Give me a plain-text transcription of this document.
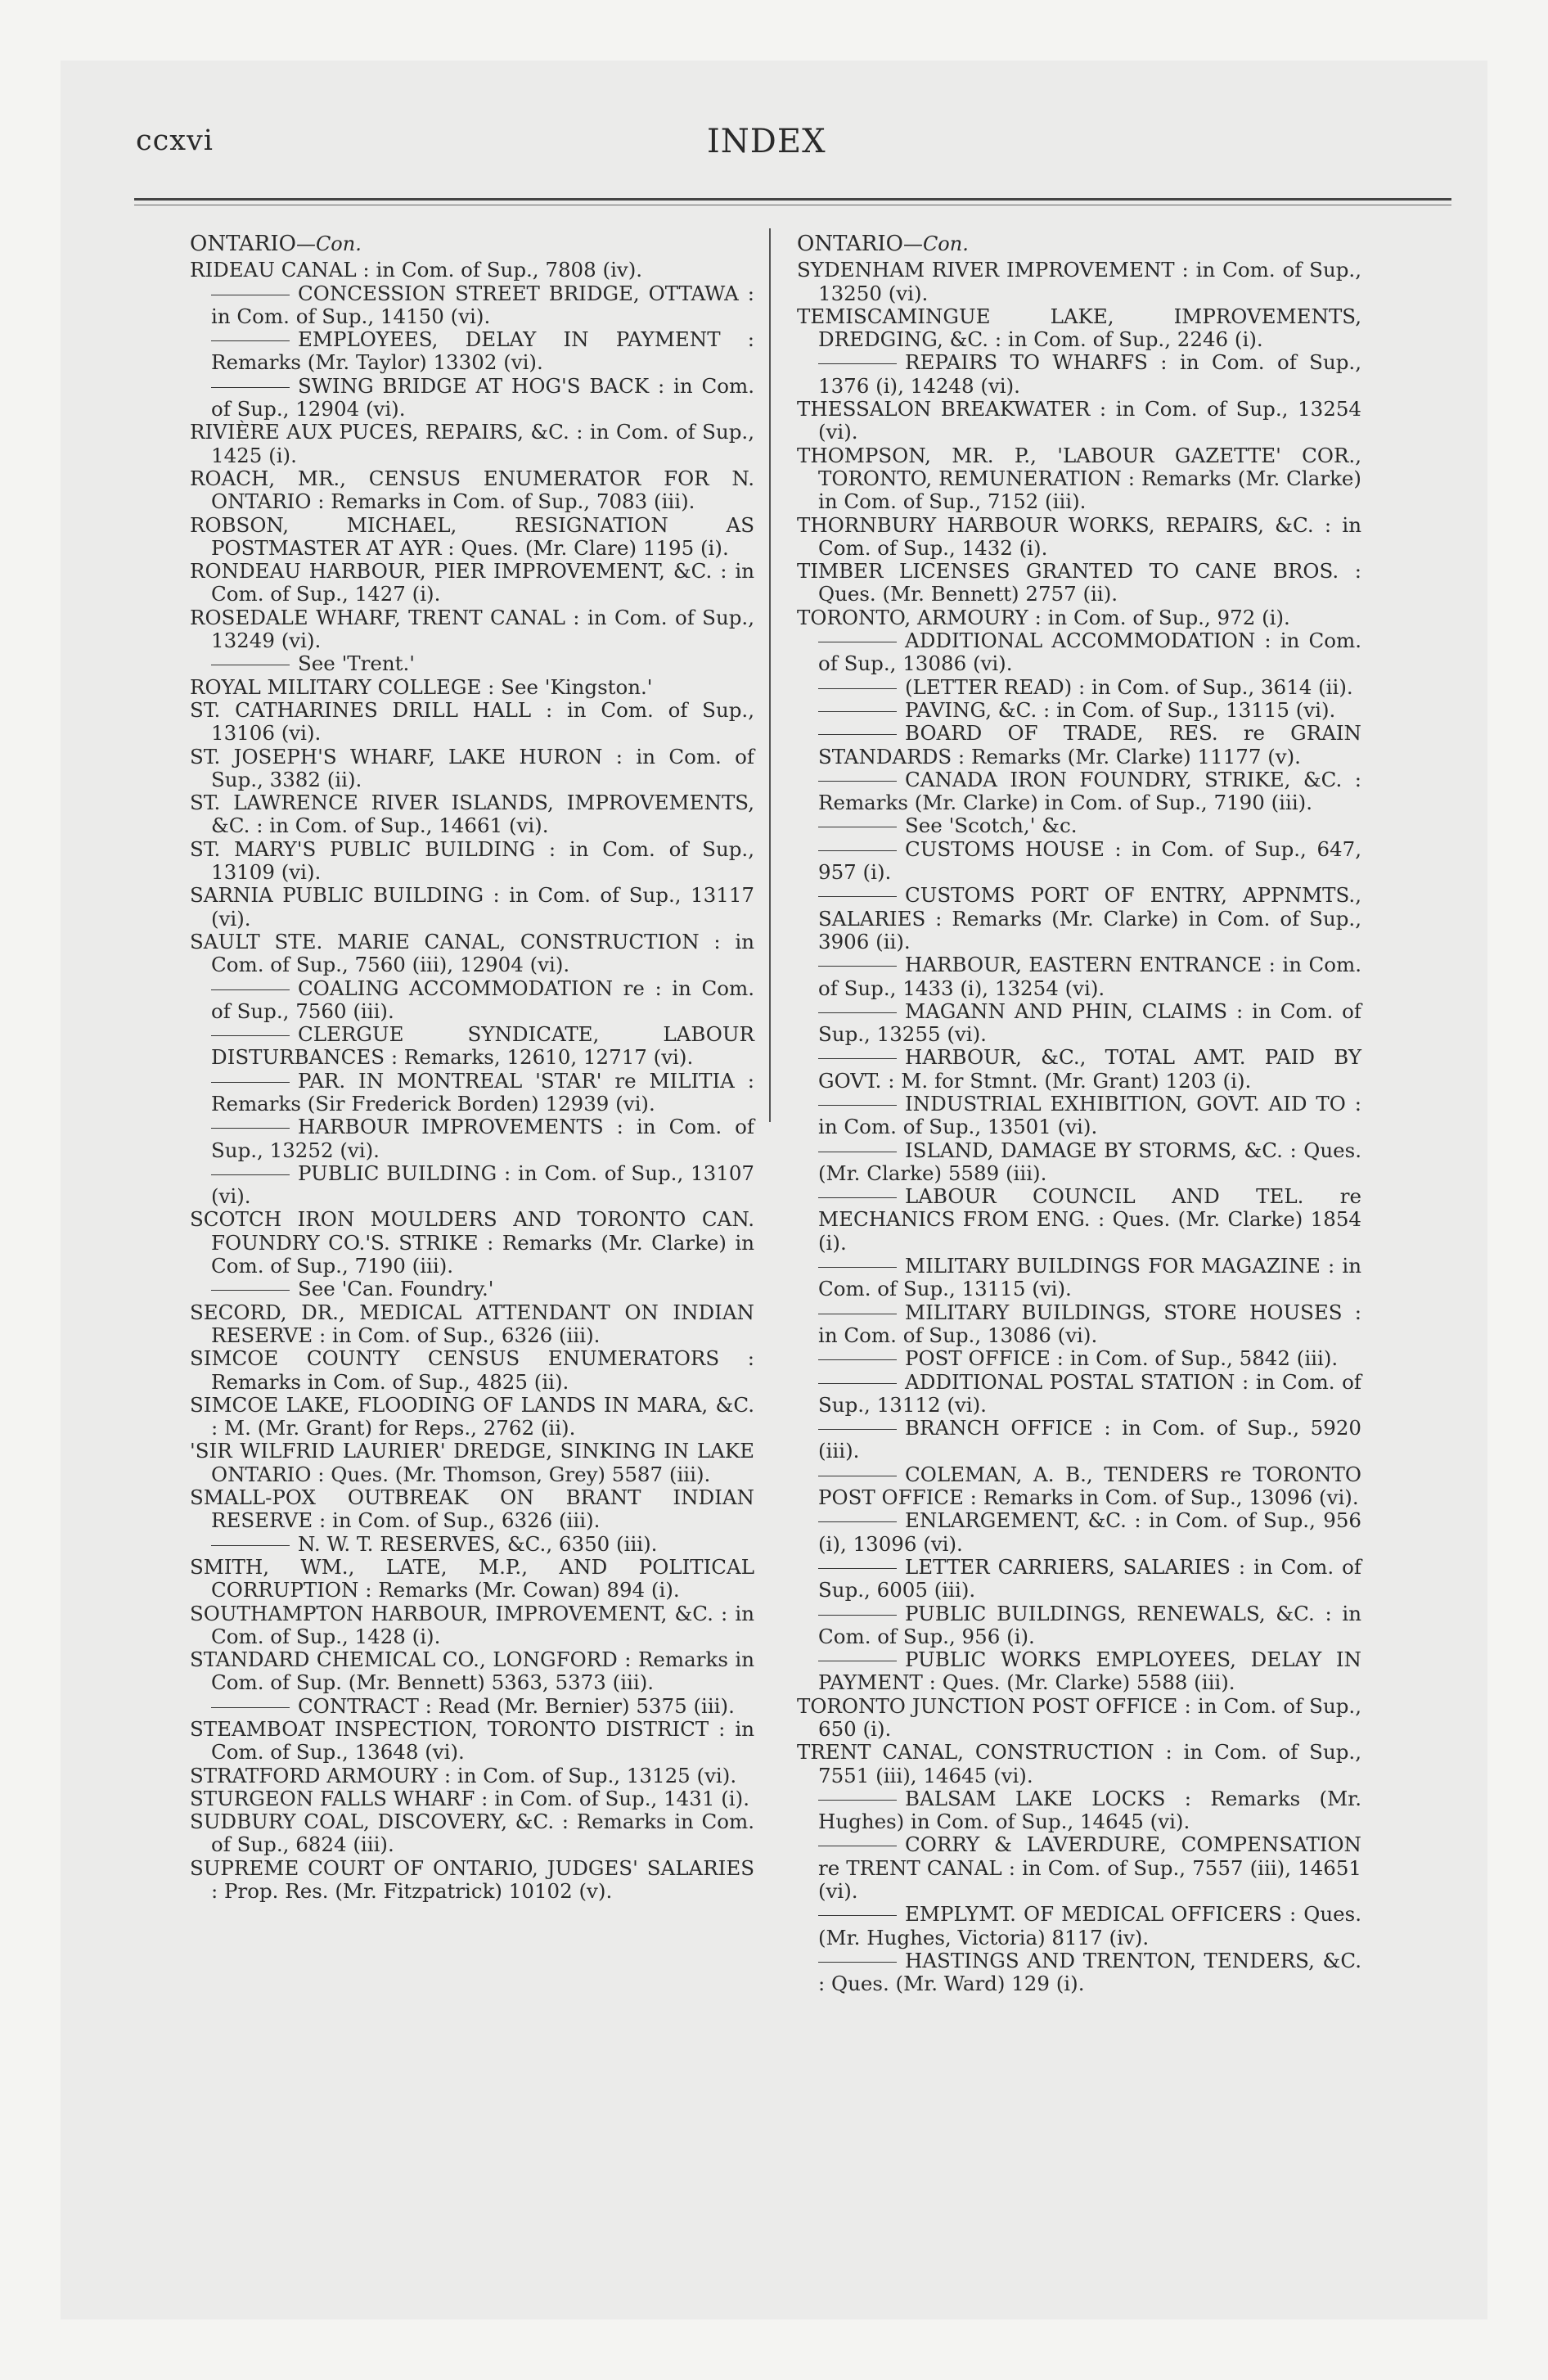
ccxvi	INDEX
ONTARIO—Con.
RIDEAU CANAL : in Com. of Sup., 7808 (iv).
CONCESSION STREET BRIDGE, OTTAWA : in Com. of Sup., 14150 (vi).
EMPLOYEES, DELAY IN PAYMENT : Remarks (Mr. Taylor) 13302 (vi).
SWING BRIDGE AT HOG'S BACK : in Com. of Sup., 12904 (vi).
RIVIÈRE AUX PUCES, REPAIRS, &C. : in Com. of Sup., 1425 (i).
ROACH, MR., CENSUS ENUMERATOR FOR N. ONTARIO : Remarks in Com. of Sup., 7083 (iii).
ROBSON, MICHAEL, RESIGNATION AS POSTMASTER AT AYR : Ques. (Mr. Clare) 1195 (i).
RONDEAU HARBOUR, PIER IMPROVEMENT, &C. : in Com. of Sup., 1427 (i).
ROSEDALE WHARF, TRENT CANAL : in Com. of Sup., 13249 (vi).
See 'Trent.'
ROYAL MILITARY COLLEGE : See 'Kingston.'
ST. CATHARINES DRILL HALL : in Com. of Sup., 13106 (vi).
ST. JOSEPH'S WHARF, LAKE HURON : in Com. of Sup., 3382 (ii).
ST. LAWRENCE RIVER ISLANDS, IMPROVEMENTS, &C. : in Com. of Sup., 14661 (vi).
ST. MARY'S PUBLIC BUILDING : in Com. of Sup., 13109 (vi).
SARNIA PUBLIC BUILDING : in Com. of Sup., 13117 (vi).
SAULT STE. MARIE CANAL, CONSTRUCTION : in Com. of Sup., 7560 (iii), 12904 (vi).
COALING ACCOMMODATION re : in Com. of Sup., 7560 (iii).
CLERGUE SYNDICATE, LABOUR DISTURBANCES : Remarks, 12610, 12717 (vi).
PAR. IN MONTREAL 'STAR' re MILITIA : Remarks (Sir Frederick Borden) 12939 (vi).
HARBOUR IMPROVEMENTS : in Com. of Sup., 13252 (vi).
PUBLIC BUILDING : in Com. of Sup., 13107 (vi).
SCOTCH IRON MOULDERS AND TORONTO CAN. FOUNDRY CO.'S. STRIKE : Remarks (Mr. Clarke) in Com. of Sup., 7190 (iii).
See 'Can. Foundry.'
SECORD, DR., MEDICAL ATTENDANT ON INDIAN RESERVE : in Com. of Sup., 6326 (iii).
SIMCOE COUNTY CENSUS ENUMERATORS : Remarks in Com. of Sup., 4825 (ii).
SIMCOE LAKE, FLOODING OF LANDS IN MARA, &C. : M. (Mr. Grant) for Reps., 2762 (ii).
'SIR WILFRID LAURIER' DREDGE, SINKING IN LAKE ONTARIO : Ques. (Mr. Thomson, Grey) 5587 (iii).
SMALL-POX OUTBREAK ON BRANT INDIAN RESERVE : in Com. of Sup., 6326 (iii).
N. W. T. RESERVES, &C., 6350 (iii).
SMITH, WM., LATE, M.P., AND POLITICAL CORRUPTION : Remarks (Mr. Cowan) 894 (i).
SOUTHAMPTON HARBOUR, IMPROVEMENT, &C. : in Com. of Sup., 1428 (i).
STANDARD CHEMICAL CO., LONGFORD : Remarks in Com. of Sup. (Mr. Bennett) 5363, 5373 (iii).
CONTRACT : Read (Mr. Bernier) 5375 (iii).
STEAMBOAT INSPECTION, TORONTO DISTRICT : in Com. of Sup., 13648 (vi).
STRATFORD ARMOURY : in Com. of Sup., 13125 (vi).
STURGEON FALLS WHARF : in Com. of Sup., 1431 (i).
SUDBURY COAL, DISCOVERY, &C. : Remarks in Com. of Sup., 6824 (iii).
SUPREME COURT OF ONTARIO, JUDGES' SALARIES : Prop. Res. (Mr. Fitzpatrick) 10102 (v).
ONTARIO—Con.
SYDENHAM RIVER IMPROVEMENT : in Com. of Sup., 13250 (vi).
TEMISCAMINGUE LAKE, IMPROVEMENTS, DREDGING, &C. : in Com. of Sup., 2246 (i).
REPAIRS TO WHARFS : in Com. of Sup., 1376 (i), 14248 (vi).
THESSALON BREAKWATER : in Com. of Sup., 13254 (vi).
THOMPSON, MR. P., 'LABOUR GAZETTE' COR., TORONTO, REMUNERATION : Remarks (Mr. Clarke) in Com. of Sup., 7152 (iii).
THORNBURY HARBOUR WORKS, REPAIRS, &C. : in Com. of Sup., 1432 (i).
TIMBER LICENSES GRANTED TO CANE BROS. : Ques. (Mr. Bennett) 2757 (ii).
TORONTO, ARMOURY : in Com. of Sup., 972 (i).
ADDITIONAL ACCOMMODATION : in Com. of Sup., 13086 (vi).
(LETTER READ) : in Com. of Sup., 3614 (ii).
PAVING, &C. : in Com. of Sup., 13115 (vi).
BOARD OF TRADE, RES. re GRAIN STANDARDS : Remarks (Mr. Clarke) 11177 (v).
CANADA IRON FOUNDRY, STRIKE, &C. : Remarks (Mr. Clarke) in Com. of Sup., 7190 (iii).
See 'Scotch,' &c.
CUSTOMS HOUSE : in Com. of Sup., 647, 957 (i).
CUSTOMS PORT OF ENTRY, APPNMTS., SALARIES : Remarks (Mr. Clarke) in Com. of Sup., 3906 (ii).
HARBOUR, EASTERN ENTRANCE : in Com. of Sup., 1433 (i), 13254 (vi).
MAGANN AND PHIN, CLAIMS : in Com. of Sup., 13255 (vi).
HARBOUR, &C., TOTAL AMT. PAID BY GOVT. : M. for Stmnt. (Mr. Grant) 1203 (i).
INDUSTRIAL EXHIBITION, GOVT. AID TO : in Com. of Sup., 13501 (vi).
ISLAND, DAMAGE BY STORMS, &C. : Ques. (Mr. Clarke) 5589 (iii).
LABOUR COUNCIL AND TEL. re MECHANICS FROM ENG. : Ques. (Mr. Clarke) 1854 (i).
MILITARY BUILDINGS FOR MAGAZINE : in Com. of Sup., 13115 (vi).
MILITARY BUILDINGS, STORE HOUSES : in Com. of Sup., 13086 (vi).
POST OFFICE : in Com. of Sup., 5842 (iii).
ADDITIONAL POSTAL STATION : in Com. of Sup., 13112 (vi).
BRANCH OFFICE : in Com. of Sup., 5920 (iii).
COLEMAN, A. B., TENDERS re TORONTO POST OFFICE : Remarks in Com. of Sup., 13096 (vi).
ENLARGEMENT, &C. : in Com. of Sup., 956 (i), 13096 (vi).
LETTER CARRIERS, SALARIES : in Com. of Sup., 6005 (iii).
PUBLIC BUILDINGS, RENEWALS, &C. : in Com. of Sup., 956 (i).
PUBLIC WORKS EMPLOYEES, DELAY IN PAYMENT : Ques. (Mr. Clarke) 5588 (iii).
TORONTO JUNCTION POST OFFICE : in Com. of Sup., 650 (i).
TRENT CANAL, CONSTRUCTION : in Com. of Sup., 7551 (iii), 14645 (vi).
BALSAM LAKE LOCKS : Remarks (Mr. Hughes) in Com. of Sup., 14645 (vi).
CORRY & LAVERDURE, COMPENSATION re TRENT CANAL : in Com. of Sup., 7557 (iii), 14651 (vi).
EMPLYMT. OF MEDICAL OFFICERS : Ques. (Mr. Hughes, Victoria) 8117 (iv).
HASTINGS AND TRENTON, TENDERS, &C. : Ques. (Mr. Ward) 129 (i).
